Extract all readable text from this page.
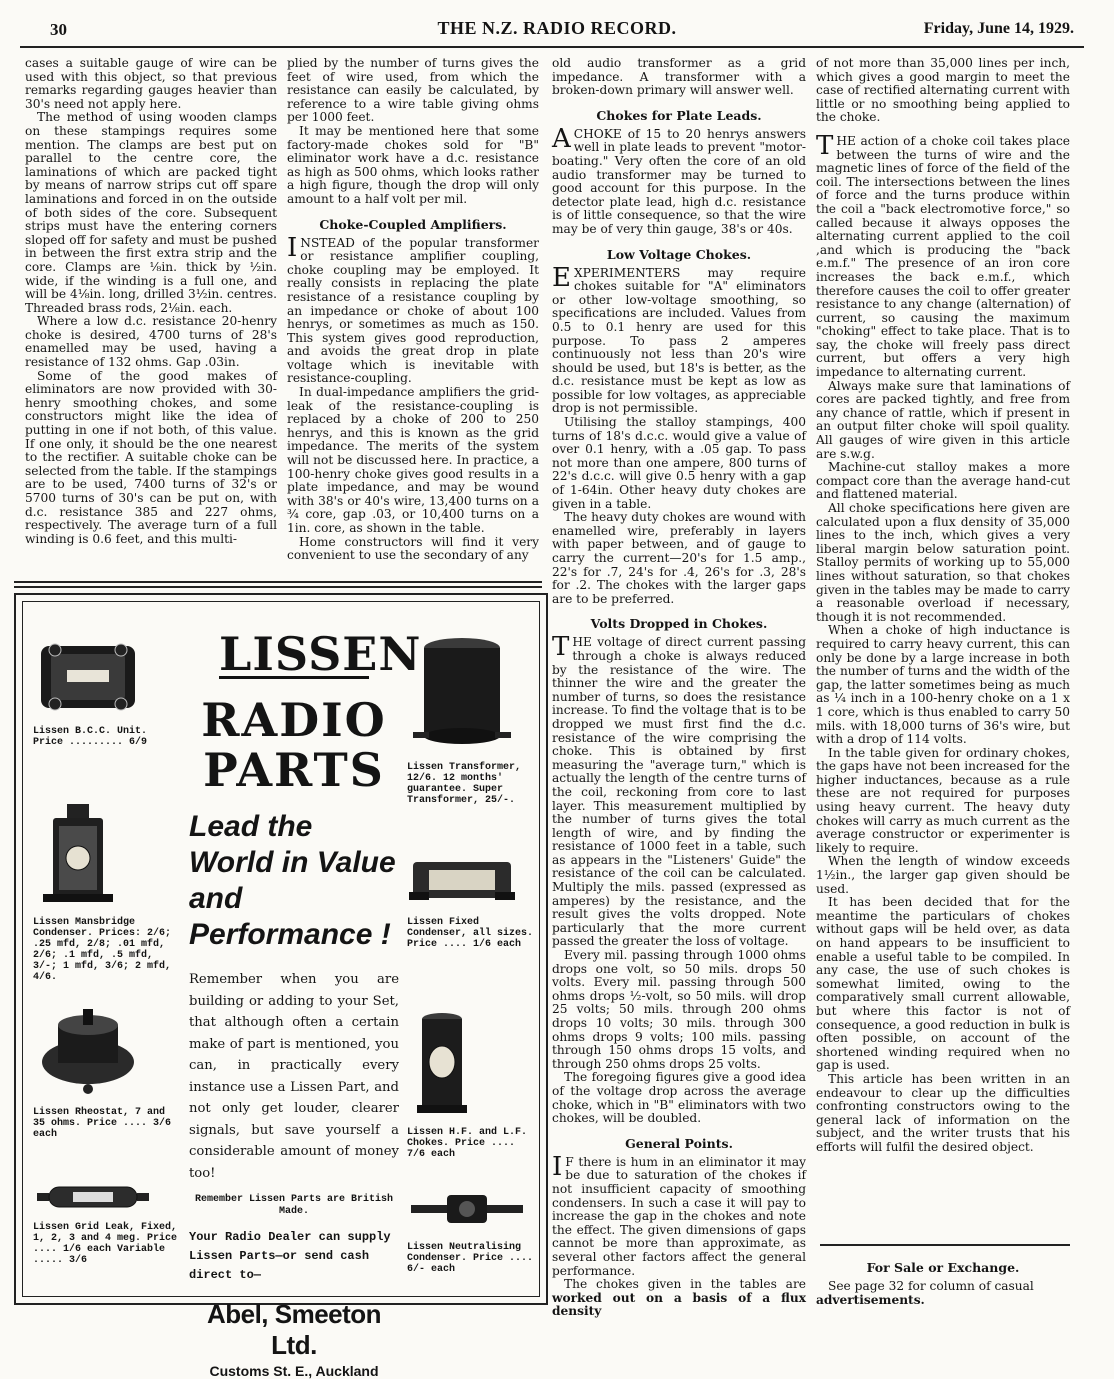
30	THE N.Z. RADIO RECORD.	Friday, June 14, 1929.

cases a suitable gauge of wire can be used with this object, so that previous remarks regarding gauges heavier than 30's need not apply here.

The method of using wooden clamps on these stampings requires some mention. The clamps are best put on parallel to the centre core, the laminations of which are packed tight by means of narrow strips cut off spare laminations and forced in on the outside of both sides of the core. Subsequent strips must have the entering corners sloped off for safety and must be pushed in between the first extra strip and the core. Clamps are ⅛in. thick by ½in. wide, if the winding is a full one, and will be 4⅛in. long, drilled 3½in. centres. Threaded brass rods, 2⅛in. each.

Where a low d.c. resistance 20-henry choke is desired, 4700 turns of 28's enamelled may be used, having a resistance of 132 ohms. Gap .03in.

Some of the good makes of eliminators are now provided with 30-henry smoothing chokes, and some constructors might like the idea of putting in one if not both, of this value. If one only, it should be the one nearest to the rectifier. A suitable choke can be selected from the table. If the stampings are to be used, 7400 turns of 32's or 5700 turns of 30's can be put on, with d.c. resistance 385 and 227 ohms, respectively. The average turn of a full winding is 0.6 feet, and this multi-

plied by the number of turns gives the feet of wire used, from which the resistance can easily be calculated, by reference to a wire table giving ohms per 1000 feet.

It may be mentioned here that some factory-made chokes sold for "B" eliminator work have a d.c. resistance as high as 500 ohms, which looks rather a high figure, though the drop will only amount to a half volt per mil.

Choke-Coupled Amplifiers.

INSTEAD of the popular transformer or resistance amplifier coupling, choke coupling may be employed. It really consists in replacing the plate resistance of a resistance coupling by an impedance or choke of about 100 henrys, or sometimes as much as 150. This system gives good reproduction, and avoids the great drop in plate voltage which is inevitable with resistance-coupling.

In dual-impedance amplifiers the grid-leak of the resistance-coupling is replaced by a choke of 200 to 250 henrys, and this is known as the grid impedance. The merits of the system will not be discussed here. In practice, a 100-henry choke gives good results in a plate impedance, and may be wound with 38's or 40's wire, 13,400 turns on a ¾ core, gap .03, or 10,400 turns on a 1in. core, as shown in the table.

Home constructors will find it very convenient to use the secondary of any

Lissen B.C.C. Unit. Price ......... 6/9
Lissen Mansbridge Condenser. Prices: 2/6; .25 mfd, 2/8; .01 mfd, 2/6; .1 mfd, .5 mfd, 3/-; 1 mfd, 3/6; 2 mfd, 4/6.
Lissen Rheostat, 7 and 35 ohms. Price .... 3/6 each
Lissen Grid Leak, Fixed, 1, 2, 3 and 4 meg. Price .... 1/6 each Variable ..... 3/6
LISSEN
RADIO
PARTS
Lead the World in Value and Performance !
Remember when you are building or adding to your Set, that although often a certain make of part is mentioned, you can, in practically every instance use a Lissen Part, and not only get louder, clearer signals, but save yourself a considerable amount of money too!
Remember Lissen Parts are British Made.
Your Radio Dealer can supply Lissen Parts—or send cash direct to—
Abel, Smeeton Ltd.
Customs St. E., Auckland
Lissen Transformer, 12/6. 12 months' guarantee. Super Transformer, 25/-.
Lissen Fixed Condenser, all sizes. Price .... 1/6 each
Lissen H.F. and L.F. Chokes. Price .... 7/6 each
Lissen Neutralising Condenser. Price .... 6/- each

old audio transformer as a grid impedance. A transformer with a broken-down primary will answer well.

Chokes for Plate Leads.

ACHOKE of 15 to 20 henrys answers well in plate leads to prevent "motor-boating." Very often the core of an old audio transformer may be turned to good account for this purpose. In the detector plate lead, high d.c. resistance is of little consequence, so that the wire may be of very thin gauge, 38's or 40s.

Low Voltage Chokes.

EXPERIMENTERS may require chokes suitable for "A" eliminators or other low-voltage smoothing, so specifications are included. Values from 0.5 to 0.1 henry are used for this purpose. To pass 2 amperes continuously not less than 20's wire should be used, but 18's is better, as the d.c. resistance must be kept as low as possible for low voltages, as appreciable drop is not permissible.

Utilising the stalloy stampings, 400 turns of 18's d.c.c. would give a value of over 0.1 henry, with a .05 gap. To pass not more than one ampere, 800 turns of 22's d.c.c. will give 0.5 henry with a gap of 1-64in. Other heavy duty chokes are given in a table.

The heavy duty chokes are wound with enamelled wire, preferably in layers with paper between, and of gauge to carry the current—20's for 1.5 amp., 22's for .7, 24's for .4, 26's for .3, 28's for .2. The chokes with the larger gaps are to be preferred.

Volts Dropped in Chokes.

THE voltage of direct current passing through a choke is always reduced by the resistance of the wire. The thinner the wire and the greater the number of turns, so does the resistance increase. To find the voltage that is to be dropped we must first find the d.c. resistance of the wire comprising the choke. This is obtained by first measuring the "average turn," which is actually the length of the centre turns of the coil, reckoning from core to last layer. This measurement multiplied by the number of turns gives the total length of wire, and by finding the resistance of 1000 feet in a table, such as appears in the "Listeners' Guide" the resistance of the coil can be calculated. Multiply the mils. passed (expressed as amperes) by the resistance, and the result gives the volts dropped. Note particularly that the more current passed the greater the loss of voltage.

Every mil. passing through 1000 ohms drops one volt, so 50 mils. drops 50 volts. Every mil. passing through 500 ohms drops ½-volt, so 50 mils. will drop 25 volts; 50 mils. through 200 ohms drops 10 volts; 30 mils. through 300 ohms drops 9 volts; 100 mils. passing through 150 ohms drops 15 volts, and through 250 ohms drops 25 volts.

The foregoing figures give a good idea of the voltage drop across the average choke, which in "B" eliminators with two chokes, will be doubled.

General Points.

IF there is hum in an eliminator it may be due to saturation of the chokes if not insufficient capacity of smoothing condensers. In such a case it will pay to increase the gap in the chokes and note the effect. The given dimensions of gaps cannot be more than approximate, as several other factors affect the general performance.

The chokes given in the tables are worked out on a basis of a flux density

of not more than 35,000 lines per inch, which gives a good margin to meet the case of rectified alternating current with little or no smoothing being applied to the choke.

THE action of a choke coil takes place between the turns of wire and the magnetic lines of force of the field of the coil. The intersections between the lines of force and the turns produce within the coil a "back electromotive force," so called because it always opposes the alternating current applied to the coil ,and which is producing the "back e.m.f." The presence of an iron core increases the back e.m.f., which therefore causes the coil to offer greater resistance to any change (alternation) of current, so causing the maximum "choking" effect to take place. That is to say, the choke will freely pass direct current, but offers a very high impedance to alternating current.

Always make sure that laminations of cores are packed tightly, and free from any chance of rattle, which if present in an output filter choke will spoil quality. All gauges of wire given in this article are s.w.g.

Machine-cut stalloy makes a more compact core than the average hand-cut and flattened material.

All choke specifications here given are calculated upon a flux density of 35,000 lines to the inch, which gives a very liberal margin below saturation point. Stalloy permits of working up to 55,000 lines without saturation, so that chokes given in the tables may be made to carry a reasonable overload if necessary, though it is not recommended.

When a choke of high inductance is required to carry heavy current, this can only be done by a large increase in both the number of turns and the width of the gap, the latter sometimes being as much as ¼ inch in a 100-henry choke on a 1 x 1 core, which is thus enabled to carry 50 mils. with 18,000 turns of 36's wire, but with a drop of 114 volts.

In the table given for ordinary chokes, the gaps have not been increased for the higher inductances, because as a rule these are not required for purposes using heavy current. The heavy duty chokes will carry as much current as the average constructor or experimenter is likely to require.

When the length of window exceeds 1½in., the larger gap given should be used.

It has been decided that for the meantime the particulars of chokes without gaps will be held over, as data on hand appears to be insufficient to enable a useful table to be compiled. In any case, the use of such chokes is somewhat limited, owing to the comparatively small current allowable, but where this factor is not of consequence, a good reduction in bulk is often possible, on account of the shortened winding required when no gap is used.

This article has been written in an endeavour to clear up the difficulties confronting constructors owing to the general lack of information on the subject, and the writer trusts that his efforts will fulfil the desired object.

For Sale or Exchange.
See page 32 for column of casual advertisements.
